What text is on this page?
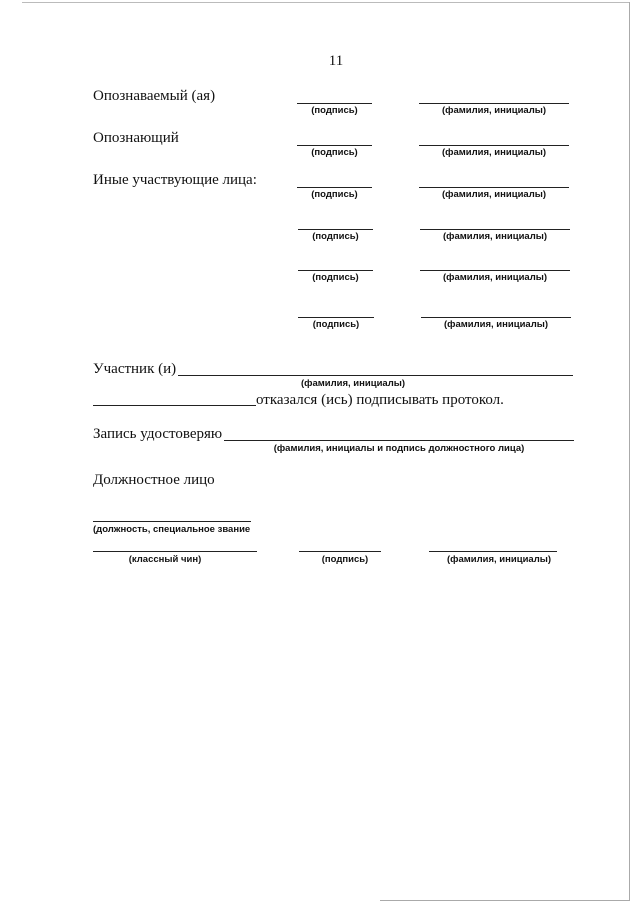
11
Опознаваемый (ая)
(подпись)	(фамилия, инициалы)
Опознающий
(подпись)	(фамилия, инициалы)
Иные участвующие лица:
(подпись)	(фамилия, инициалы)
(подпись)	(фамилия, инициалы)
(подпись)	(фамилия, инициалы)
(подпись)	(фамилия, инициалы)
Участник (и)
(фамилия, инициалы)
отказался (ись) подписывать протокол.
Запись удостоверяю
(фамилия, инициалы и подпись должностного лица)
Должностное лицо
(должность, специальное звание
(классный чин)	(подпись)	(фамилия, инициалы)
